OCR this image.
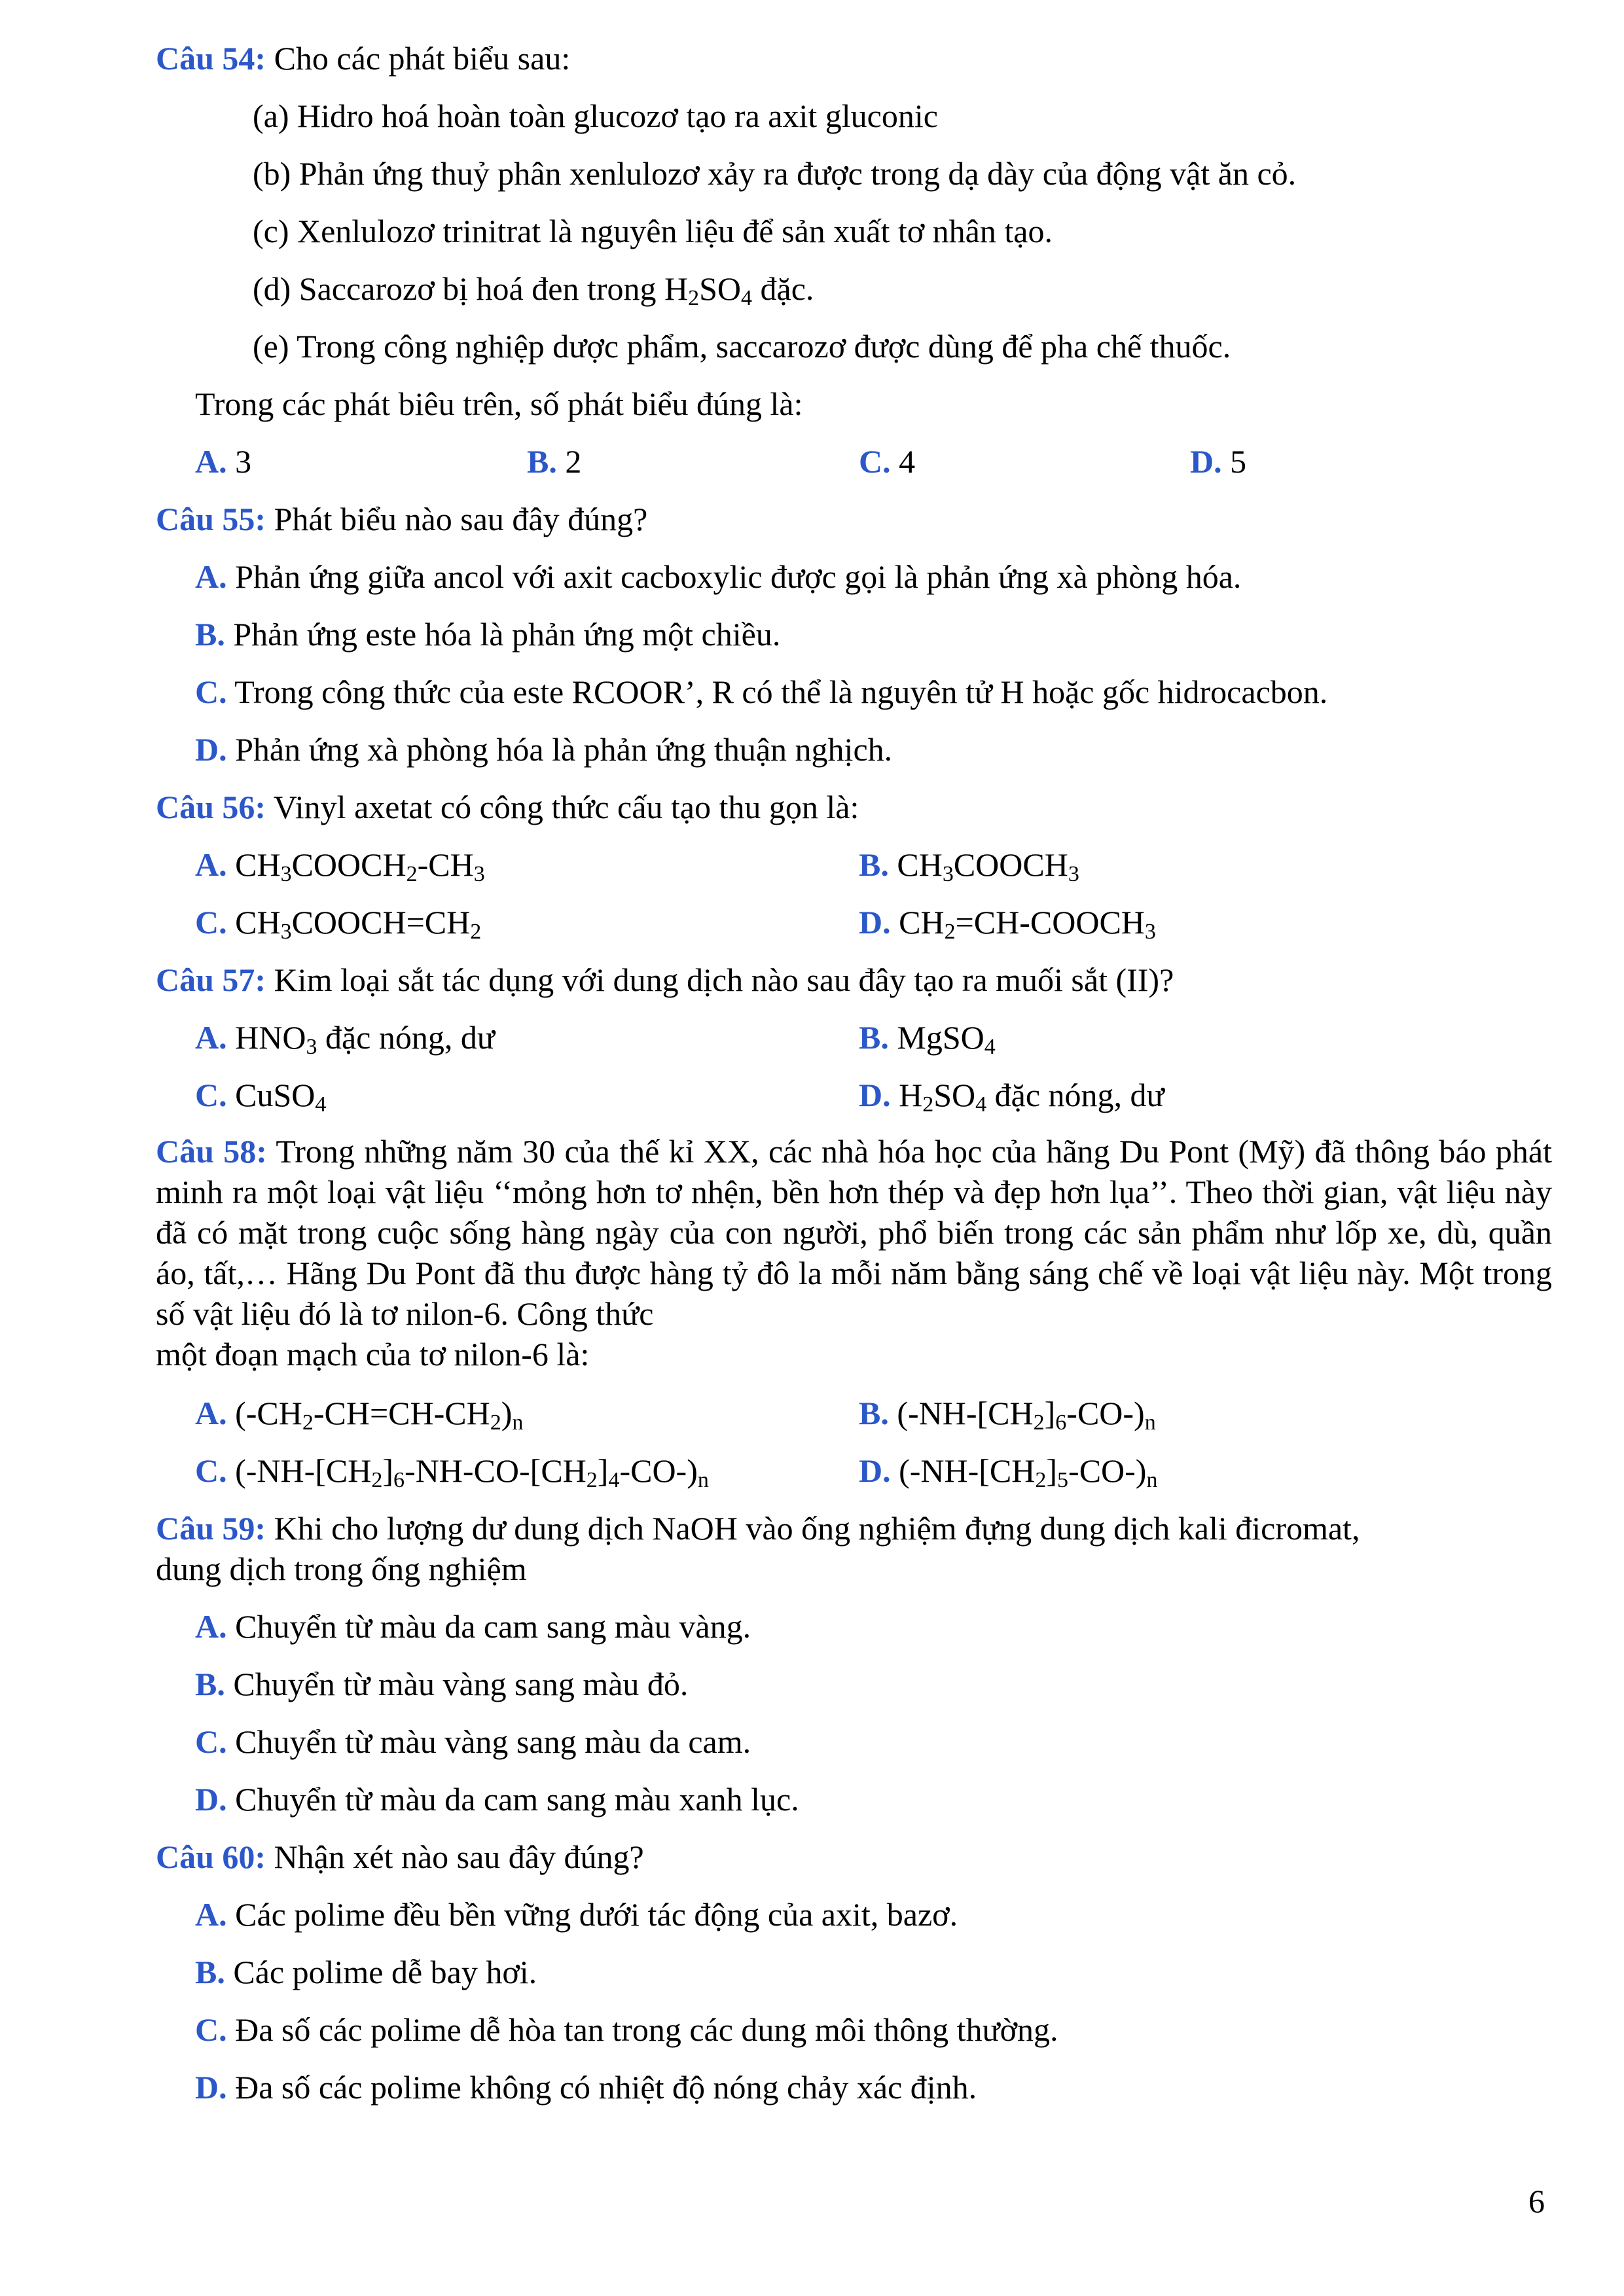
Câu 54: Cho các phát biểu sau:
(a) Hidro hoá hoàn toàn glucozơ tạo ra axit gluconic
(b) Phản ứng thuỷ phân xenlulozơ xảy ra được trong dạ dày của động vật ăn cỏ.
(c) Xenlulozơ trinitrat là nguyên liệu để sản xuất tơ nhân tạo.
(d) Saccarozơ bị hoá đen trong $H_2SO_4$ đặc.
(e) Trong công nghiệp dược phẩm, saccarozơ được dùng để pha chế thuốc.
Trong các phát biêu trên, số phát biểu đúng là:
A. 3	B. 2	C. 4	D. 5
Câu 55: Phát biểu nào sau đây đúng?
A. Phản ứng giữa ancol với axit cacboxylic được gọi là phản ứng xà phòng hóa.
B. Phản ứng este hóa là phản ứng một chiều.
C. Trong công thức của este RCOOR’, R có thể là nguyên tử H hoặc gốc hidrocacbon.
D. Phản ứng xà phòng hóa là phản ứng thuận nghịch.
Câu 56: Vinyl axetat có công thức cấu tạo thu gọn là:
A. $CH_3COOCH_2-CH_3$	B. $CH_3COOCH_3$
C. $CH_3COOCH=CH_2$	D. $CH_2=CH-COOCH_3$
Câu 57: Kim loại sắt tác dụng với dung dịch nào sau đây tạo ra muối sắt (II)?
A. $HNO_3$ đặc nóng, dư	B. MgSO$_4$
C. CuSO$_4$	D. $H_2SO_4$ đặc nóng, dư
Câu 58: Trong những năm 30 của thế kỉ XX, các nhà hóa học của hãng Du Pont (Mỹ) đã thông báo phát minh ra một loại vật liệu ‘‘mỏng hơn tơ nhện, bền hơn thép và đẹp hơn lụa’’. Theo thời gian, vật liệu này đã có mặt trong cuộc sống hàng ngày của con người, phổ biến trong các sản phẩm như lốp xe, dù, quần áo, tất,… Hãng Du Pont đã thu được hàng tỷ đô la mỗi năm bằng sáng chế về loại vật liệu này. Một trong số vật liệu đó là tơ nilon-6. Công thức
một đoạn mạch của tơ nilon-6 là:
A. $(-CH_2-CH=CH-CH_2)_n$	B. $(-NH-[CH_2]_6-CO-)_n$
C. $(-NH-[CH_2]_6-NH-CO-[CH_2]_4-CO-)_n$	D. $(-NH-[CH_2]_5-CO-)_n$
Câu 59: Khi cho lượng dư dung dịch NaOH vào ống nghiệm đựng dung dịch kali đicromat,
dung dịch trong ống nghiệm
A. Chuyển từ màu da cam sang màu vàng.
B. Chuyển từ màu vàng sang màu đỏ.
C. Chuyển từ màu vàng sang màu da cam.
D. Chuyển từ màu da cam sang màu xanh lục.
Câu 60: Nhận xét nào sau đây đúng?
A. Các polime đều bền vững dưới tác động của axit, bazơ.
B. Các polime dễ bay hơi.
C. Đa số các polime dễ hòa tan trong các dung môi thông thường.
D. Đa số các polime không có nhiệt độ nóng chảy xác định.
6
